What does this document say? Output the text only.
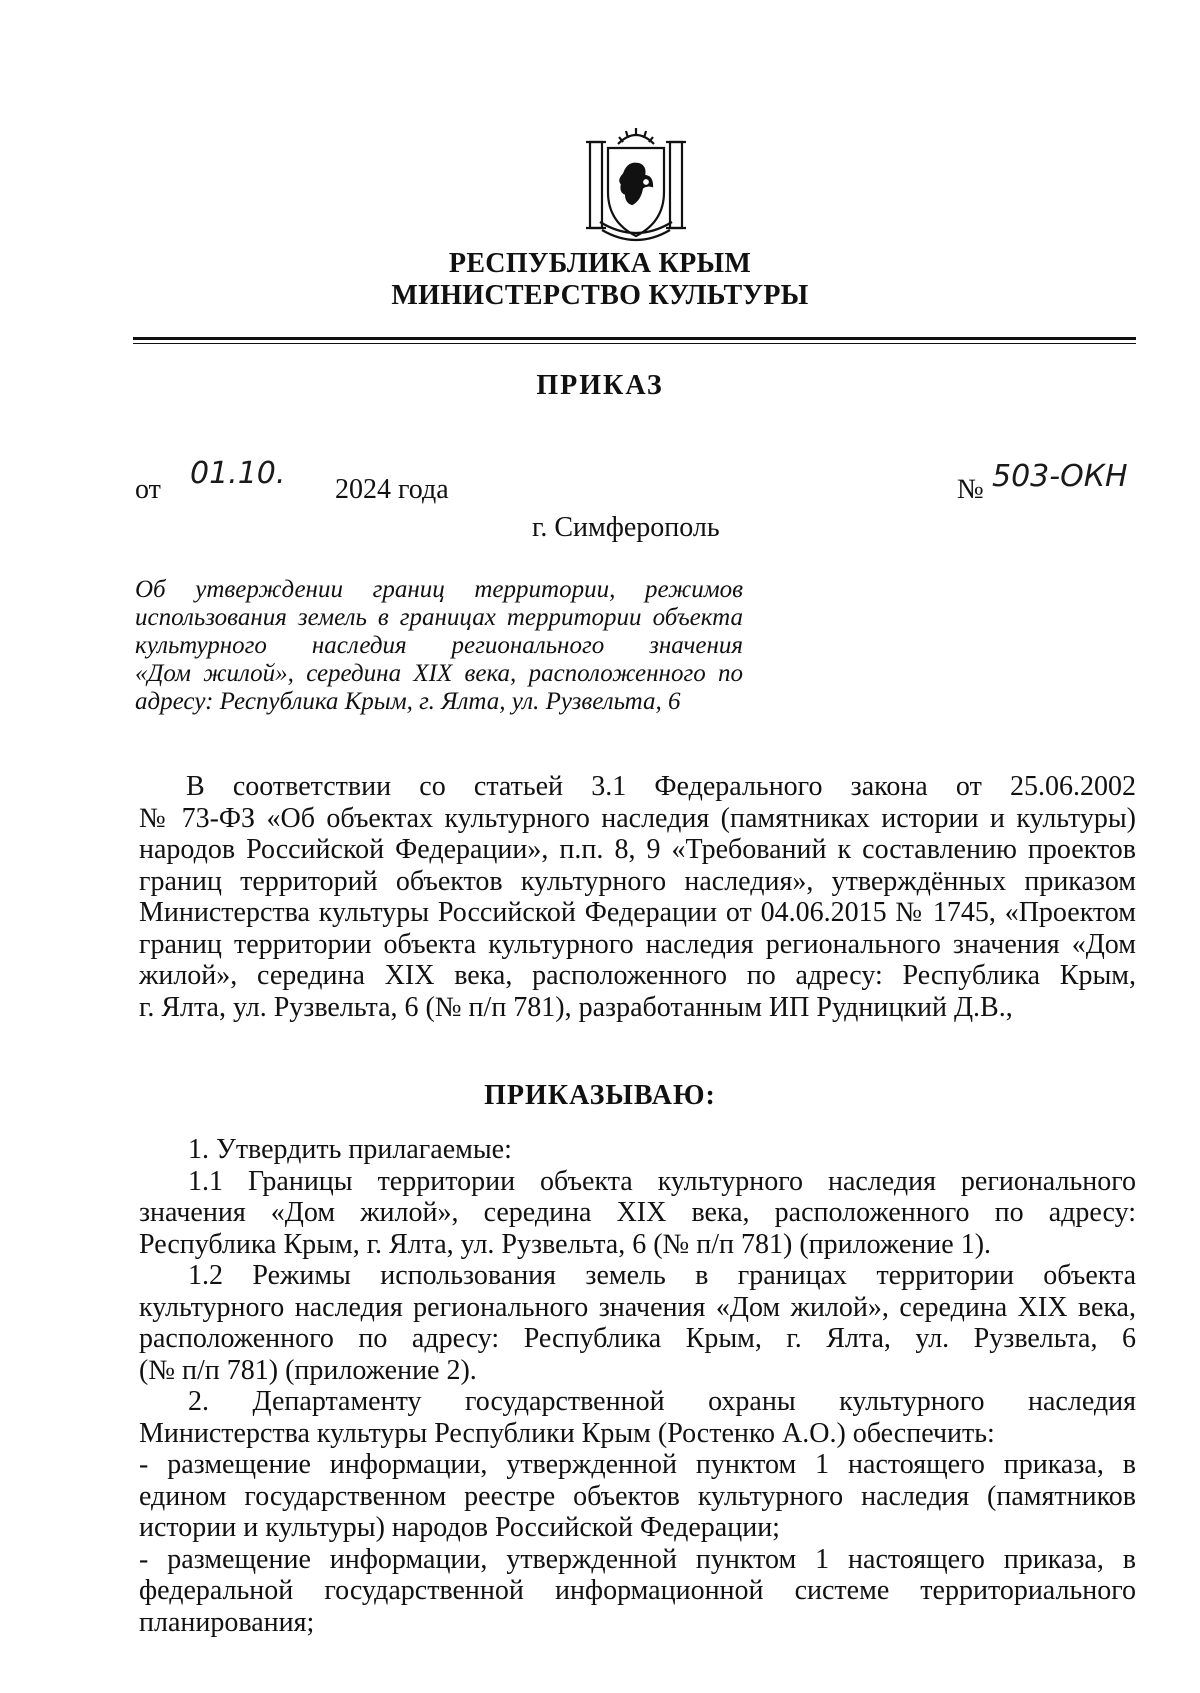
РЕСПУБЛИКА КРЫМ
МИНИСТЕРСТВО КУЛЬТУРЫ
ПРИКАЗ
от 01.10. 2024 года	№ 503-ОКН
г. Симферополь
Об утверждении границ территории, режимов
использования земель в границах территории объекта
культурного наследия регионального значения
«Дом жилой», середина XIX века, расположенного по
адресу: Республика Крым, г. Ялта, ул. Рузвельта, 6
В соответствии со статьей 3.1 Федерального закона от 25.06.2002
№ 73-ФЗ «Об объектах культурного наследия (памятниках истории и культуры)
народов Российской Федерации», п.п. 8, 9 «Требований к составлению проектов
границ территорий объектов культурного наследия», утверждённых приказом
Министерства культуры Российской Федерации от 04.06.2015 № 1745, «Проектом
границ территории объекта культурного наследия регионального значения «Дом
жилой», середина XIX века, расположенного по адресу: Республика Крым,
г. Ялта, ул. Рузвельта, 6 (№ п/п 781), разработанным ИП Рудницкий Д.В.,
ПРИКАЗЫВАЮ:
1. Утвердить прилагаемые:
1.1 Границы территории объекта культурного наследия регионального
значения «Дом жилой», середина XIX века, расположенного по адресу:
Республика Крым, г. Ялта, ул. Рузвельта, 6 (№ п/п 781) (приложение 1).
1.2 Режимы использования земель в границах территории объекта
культурного наследия регионального значения «Дом жилой», середина XIX века,
расположенного по адресу: Республика Крым, г. Ялта, ул. Рузвельта, 6
(№ п/п 781) (приложение 2).
2. Департаменту государственной охраны культурного наследия
Министерства культуры Республики Крым (Ростенко А.О.) обеспечить:
- размещение информации, утвержденной пунктом 1 настоящего приказа, в
едином государственном реестре объектов культурного наследия (памятников
истории и культуры) народов Российской Федерации;
- размещение информации, утвержденной пунктом 1 настоящего приказа, в
федеральной государственной информационной системе территориального
планирования;
